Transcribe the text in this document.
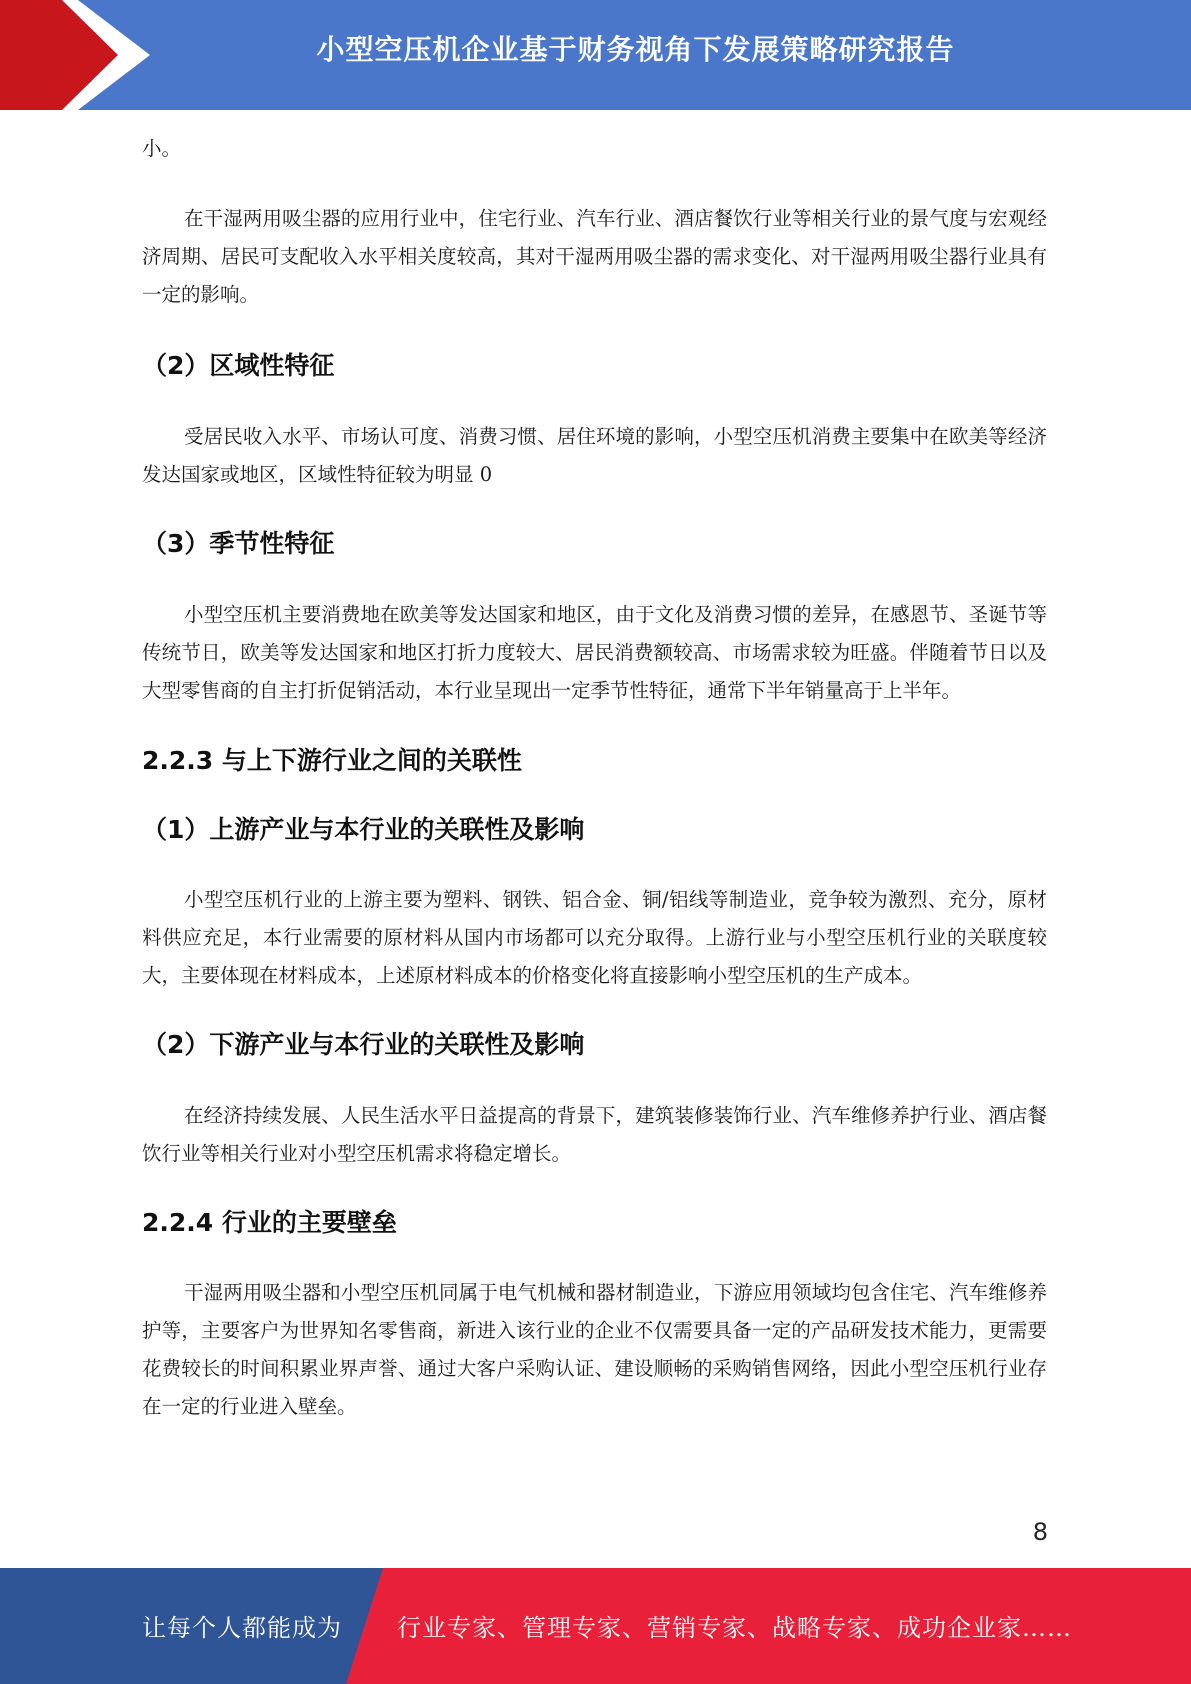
小型空压机企业基于财务视角下发展策略研究报告

小。

在干湿两用吸尘器的应用行业中，住宅行业、汽车行业、酒店餐饮行业等相关行业的景气度与宏观经济周期、居民可支配收入水平相关度较高，其对干湿两用吸尘器的需求变化、对干湿两用吸尘器行业具有一定的影响。

（2）区域性特征

受居民收入水平、市场认可度、消费习惯、居住环境的影响，小型空压机消费主要集中在欧美等经济发达国家或地区，区域性特征较为明显 0

（3）季节性特征

小型空压机主要消费地在欧美等发达国家和地区，由于文化及消费习惯的差异，在感恩节、圣诞节等传统节日，欧美等发达国家和地区打折力度较大、居民消费额较高、市场需求较为旺盛。伴随着节日以及大型零售商的自主打折促销活动，本行业呈现出一定季节性特征，通常下半年销量高于上半年。

2.2.3 与上下游行业之间的关联性
（1）上游产业与本行业的关联性及影响

小型空压机行业的上游主要为塑料、钢铁、铝合金、铜/铝线等制造业，竞争较为激烈、充分，原材料供应充足，本行业需要的原材料从国内市场都可以充分取得。上游行业与小型空压机行业的关联度较大，主要体现在材料成本，上述原材料成本的价格变化将直接影响小型空压机的生产成本。

（2）下游产业与本行业的关联性及影响

在经济持续发展、人民生活水平日益提高的背景下，建筑装修装饰行业、汽车维修养护行业、酒店餐饮行业等相关行业对小型空压机需求将稳定增长。

2.2.4 行业的主要壁垒

干湿两用吸尘器和小型空压机同属于电气机械和器材制造业，下游应用领域均包含住宅、汽车维修养护等，主要客户为世界知名零售商，新进入该行业的企业不仅需要具备一定的产品研发技术能力，更需要花费较长的时间积累业界声誉、通过大客户采购认证、建设顺畅的采购销售网络，因此小型空压机行业存在一定的行业进入壁垒。

8
让每个人都能成为 行业专家、管理专家、营销专家、战略专家、成功企业家……
